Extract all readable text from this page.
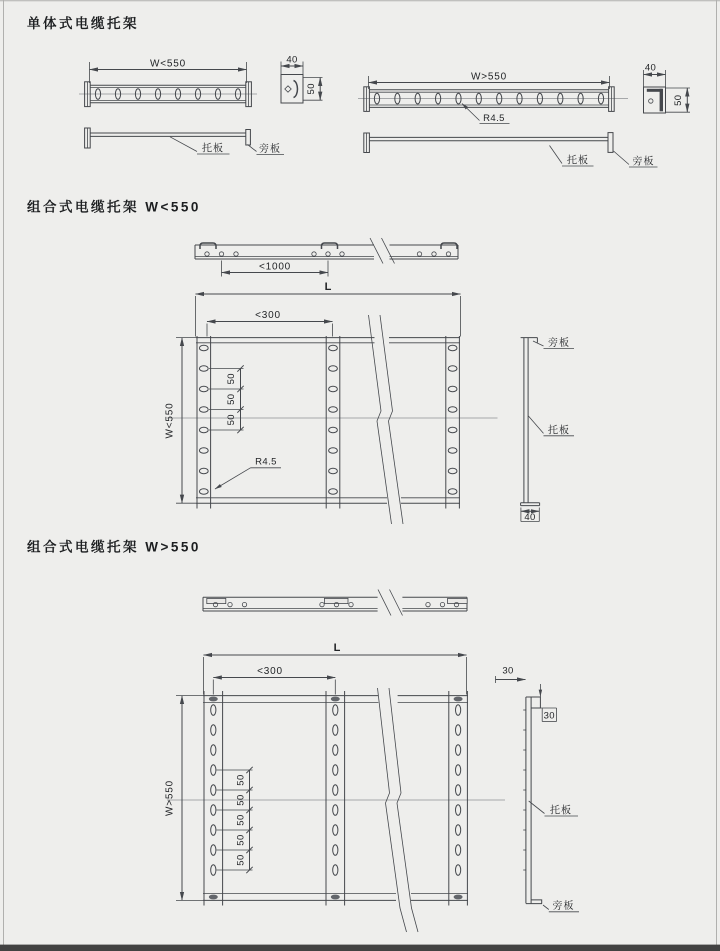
单体式电缆托架
W<550	40
50
托板	旁板
W>550
R4.5
40
50
托板	旁板
组合式电缆托架 W<550
<1000
L
<300
W<550
50
50
50
R4.5
旁板
托板
40
组合式电缆托架 W>550
L
<300
W>550
50
50
50
50
50
30
30
托板
旁板
